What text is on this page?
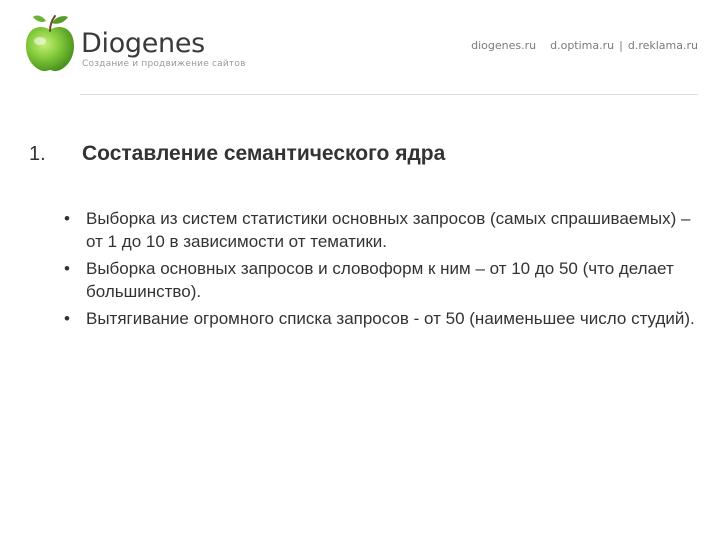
Diogenes
Создание и продвижение сайтов
diogenes.ru d.optima.ru | d.reklama.ru
1. Составление семантического ядра
• Выборка из систем статистики основных запросов (самых спрашиваемых) – от 1 до 10 в зависимости от тематики.
• Выборка основных запросов и словоформ к ним – от 10 до 50 (что делает большинство).
• Вытягивание огромного списка запросов - от 50 (наименьшее число студий).
